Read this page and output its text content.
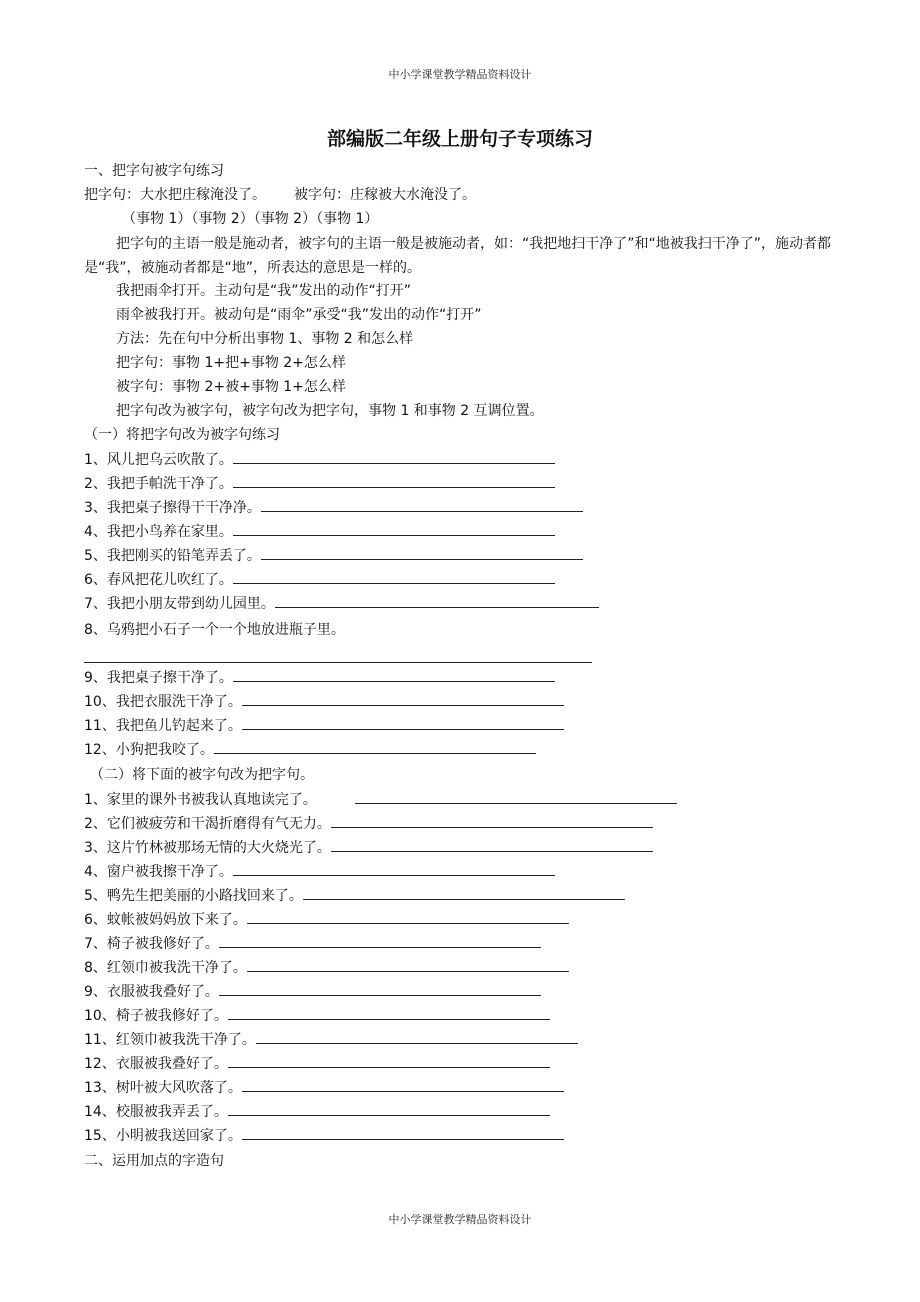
中小学课堂教学精品资料设计
部编版二年级上册句子专项练习
一、把字句被字句练习
把字句：大水把庄稼淹没了。 被字句：庄稼被大水淹没了。
（事物 1）（事物 2）（事物 2）（事物 1）
把字句的主语一般是施动者，被字句的主语一般是被施动者，如：“我把地扫干净了”和“地被我扫干净了”，施动者都是“我”，被施动者都是“地”，所表达的意思是一样的。
我把雨伞打开。主动句是“我”发出的动作“打开”
雨伞被我打开。被动句是“雨伞”承受“我”发出的动作“打开”
方法：先在句中分析出事物 1、事物 2 和怎么样
把字句：事物 1+把+事物 2+怎么样
被字句：事物 2+被+事物 1+怎么样
把字句改为被字句，被字句改为把字句，事物 1 和事物 2 互调位置。
（一）将把字句改为被字句练习
1、风儿把乌云吹散了。
2、我把手帕洗干净了。
3、我把桌子擦得干干净净。
4、我把小鸟养在家里。
5、我把刚买的铅笔弄丢了。
6、春风把花儿吹红了。
7、我把小朋友带到幼儿园里。
8、乌鸦把小石子一个一个地放进瓶子里。
9、我把桌子擦干净了。
10、我把衣服洗干净了。
11、我把鱼儿钓起来了。
12、小狗把我咬了。
（二）将下面的被字句改为把字句。
1、家里的课外书被我认真地读完了。
2、它们被疲劳和干渴折磨得有气无力。
3、这片竹林被那场无情的大火烧光了。
4、窗户被我擦干净了。
5、鸭先生把美丽的小路找回来了。
6、蚊帐被妈妈放下来了。
7、椅子被我修好了。
8、红领巾被我洗干净了。
9、衣服被我叠好了。
10、椅子被我修好了。
11、红领巾被我洗干净了。
12、衣服被我叠好了。
13、树叶被大风吹落了。
14、校服被我弄丢了。
15、小明被我送回家了。
二、运用加点的字造句
中小学课堂教学精品资料设计
